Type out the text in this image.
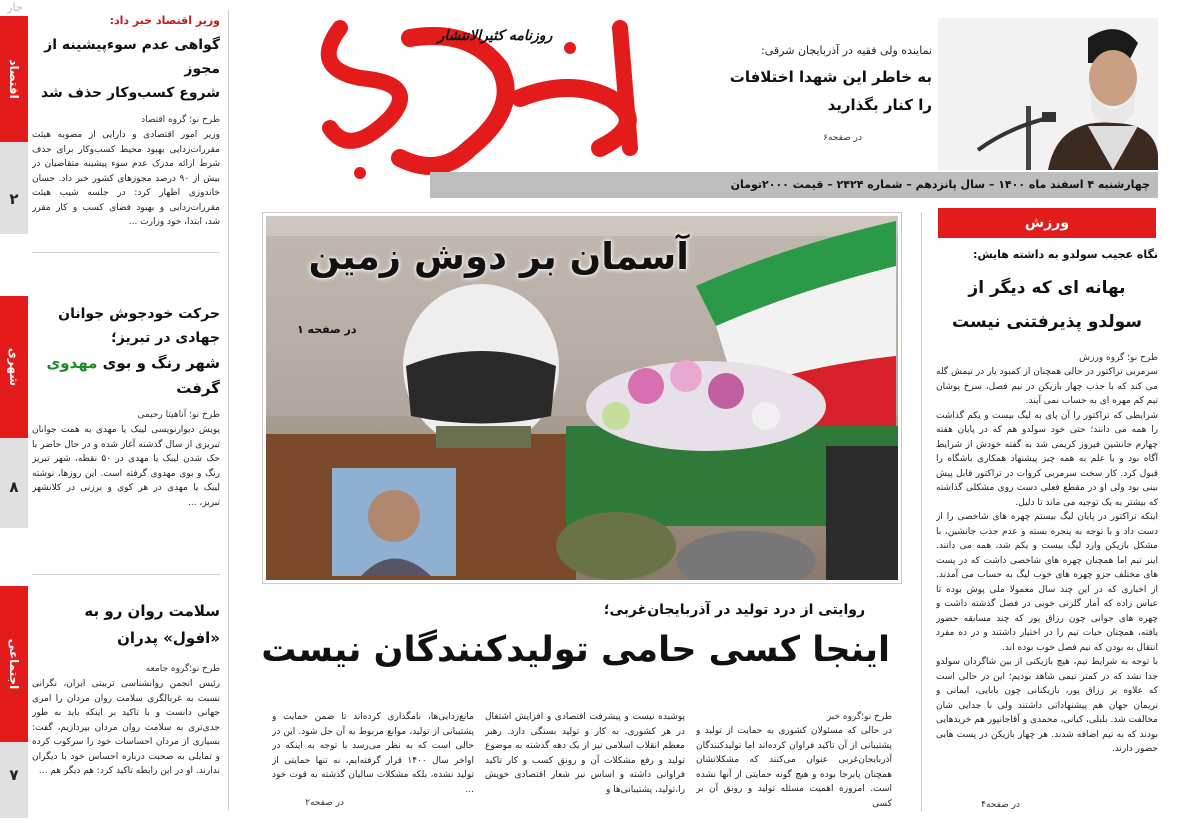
جار
اقتصاد
۲
وزیر اقتصاد خبر داد:
گواهی عدم سوءپیشینه از مجوز
شروع کسب‌وکار حذف شد
طرح نو؛ گروه اقتصاد
وزیر امور اقتصادی و دارایی از مصوبه هیئت مقررات‌زدایی بهبود محیط کسب‌وکار برای حذف شرط ارائه مدرک عدم سوء پیشینه متقاضیان در بیش از ۹۰ درصد مجوزهای کشور خبر داد. حسان خاندوزی اظهار کرد: در جلسه شیب هیئت مقررات‌زدایی و بهبود فضای کسب و کار مقرر شد، ابتدا، خود وزارت ...
شهری
۸
حرکت خودجوش جوانان
جهادی در تبریز؛
شهر رنگ و بوی مهدوی
گرفت
طرح نو؛ آناهیتا رحیمی
پویش دیوارنویسی لیبک یا مهدی به همت جوانان تبریزی از سال گذشته آغاز شده و در حال حاضر با حک شدن لیبک یا مهدی در ۵۰ نقطه، شهر تبریز رنگ و بوی مهدوی گرفته است. این روزها، نوشته لیبک یا مهدی در هر کوی و برزنی در کلانشهر تبریز، ...
اجتماعی
۷
سلامت روان رو به
«افول» پدران
طرح نو؛گروه جامعه
رئیس انجمن روانشناسی تربیتی ایران، نگرانی نسبت به غربالگری سلامت روان مردان را امری جهانی دانست و با تاکید بر اینکه باید به طور جدی‌تری به سلامت روان مردان بپردازیم، گفت: بسیاری از مردان احساسات خود را سرکوب کرده و تمایلی به صحبت درباره احساس خود با دیگران ندارند. او در این رابطه تاکید کرد: هم دیگر هم ...
روزنامه کثیرالانتشار
نماینده ولی فقیه در آذربایجان شرقی:
به خاطر این شهدا اختلافات
را کنار بگذارید
در صفحه۶
چهارشنبه ۴ اسفند ماه ۱۴۰۰ – سال پانزدهم – شماره ۲۴۲۴ – قیمت ۲۰۰۰تومان
آسمان بر دوش زمین
در صفحه ۱
روایتی از درد تولید در آذربایجان‌غربی؛
اینجا کسی حامی تولیدکنندگان نیست
طرح نو؛گروه خبر
در حالی که مسئولان کشوری به حمایت از تولید و پشتیبانی از آن تاکید فراوان کرده‌اند اما تولیدکنندگان آذربایجان‌غربی عنوان می‌کنند که مشکلاتشان همچنان پابرجا بوده و هیچ گونه حمایتی از آنها نشده است. امروزه اهمیت مسئله تولید و رونق آن بر کسی
پوشیده نیست و پیشرفت اقتصادی و افزایش اشتغال در هر کشوری، به کار و تولید بستگی دارد. رهبر معظم انقلاب اسلامی نیز از یک دهه گذشته به موضوع تولید و رفع مشکلات آن و رونق کسب و کار تاکید فراوانی داشته و اساس نیز شعار اقتصادی خویش را،تولید، پشتیبانی‌ها و
مانع‌زدایی‌ها، نامگذاری کرده‌اند تا ضمن حمایت و پشتیبانی از تولید، موانع مربوط به آن حل شود. این در حالی است که به نظر می‌رسد با توجه به اینکه در اواخر سال ۱۴۰۰ قرار گرفته‌ایم، نه تنها حمایتی از تولید نشده، بلکه مشکلات سالیان گذشته به قوت خود ...
در صفحه۲
ورزش
نگاه عجیب سولدو به داشته هایش:
بهانه ای که دیگر از
سولدو پذیرفتنی نیست
طرح نو؛ گروه ورزش

سرمربی تراکتور در حالی همچنان از کمبود یار در تیمش گله می کند که با جذب چهار بازیکن در نیم فصل، سرخ پوشان تیم کم مهره ای به حساب نمی آیند.

شرایطی که تراکتور را آن پای به لیگ بیست و یکم گذاشت را همه می دانند؛ حتی خود سولدو هم که در پایان هفته چهارم جانشین فیروز کریمی شد به گفته خودش از شرایط آگاه بود و با علم به همه چیز پیشنهاد همکاری باشگاه را قبول کرد. کار سخت سرمربی کروات در تراکتور قابل پیش بینی بود ولی او در مقطع فعلی دست روی مشکلی گذاشته که بیشتر به یک توجیه می ماند تا دلیل.

اینکه تراکتور در پایان لیگ بیستم چهره های شاخصی را از دست داد و با توجه به پنجره بسته و عدم جذب جانشین، با مشکل بازیکن وارد لیگ بیست و یکم شد، همه می دانند. اینر تیم اما همچنان چهره های شاخصی داشت که در پست های مختلف جزو چهره های خوب لیگ به حساب می آمدند. از اخباری که در این چند سال معمولا ملی پوش بوده تا عباس زاده که آمار گلزنی خوبی در فصل گذشته داشت و چهره های جوانی چون رزاق پور که چند مسابقه حضور یافته، همچنان حیات تیم را در اختیار داشتند و در ده مفرد انتقال به بودن که نیم فصل خوب بوده اند.

با توجه به شرایط تیم، هیچ بازیکنی از بین شاگردان سولدو جدا نشد که در کمتر تیمی شاهد بودیم؛ این در حالی است که علاوه بر رزاق پور، بازیکنانی چون بابایی، ایمانی و نریمان جهان هم پیشنهاداتی داشتند ولی با جدایی شان مخالفت شد. بلبلی، کیانی، محمدی و آقاجانپور هم خریدهایی بودند که به تیم اضافه شدند. هر چهار بازیکن در پست هایی حضور دارند.

در صفحه۴
